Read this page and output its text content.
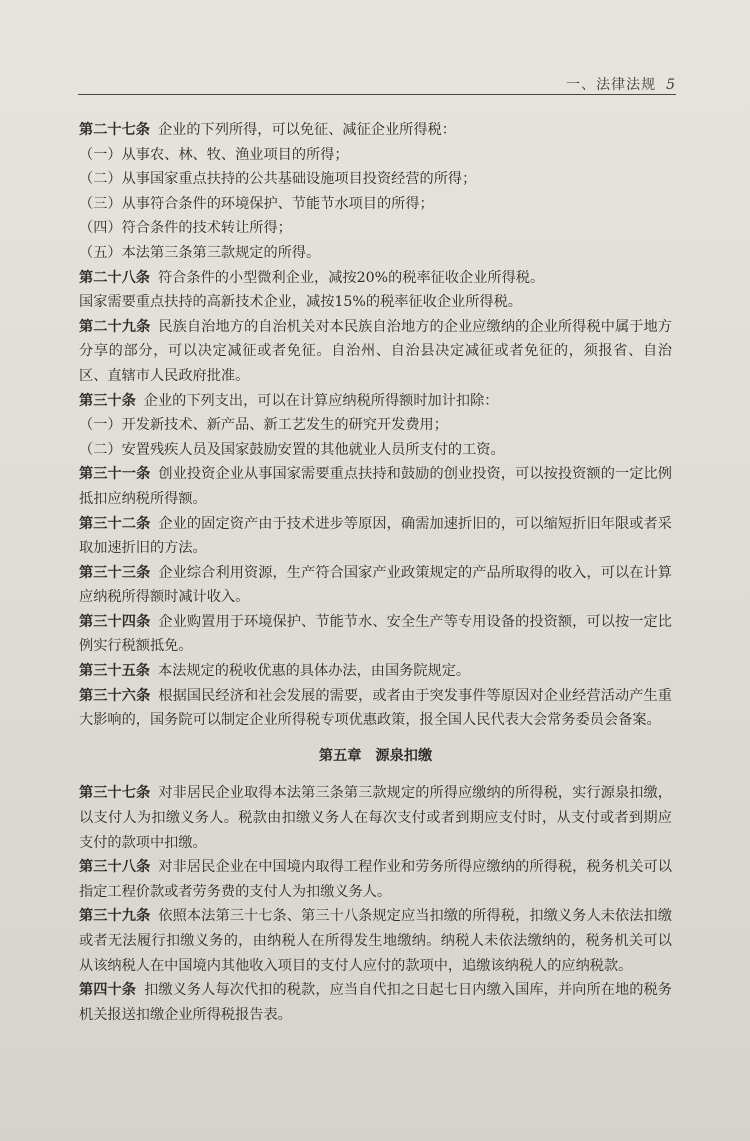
一、法律法规 5

第二十七条 企业的下列所得，可以免征、减征企业所得税：

（一）从事农、林、牧、渔业项目的所得；

（二）从事国家重点扶持的公共基础设施项目投资经营的所得；

（三）从事符合条件的环境保护、节能节水项目的所得；

（四）符合条件的技术转让所得；

（五）本法第三条第三款规定的所得。

第二十八条 符合条件的小型微利企业，减按20%的税率征收企业所得税。

国家需要重点扶持的高新技术企业，减按15%的税率征收企业所得税。

第二十九条 民族自治地方的自治机关对本民族自治地方的企业应缴纳的企业所得税中属于地方分享的部分，可以决定减征或者免征。自治州、自治县决定减征或者免征的，须报省、自治区、直辖市人民政府批准。

第三十条 企业的下列支出，可以在计算应纳税所得额时加计扣除：

（一）开发新技术、新产品、新工艺发生的研究开发费用；

（二）安置残疾人员及国家鼓励安置的其他就业人员所支付的工资。

第三十一条 创业投资企业从事国家需要重点扶持和鼓励的创业投资，可以按投资额的一定比例抵扣应纳税所得额。

第三十二条 企业的固定资产由于技术进步等原因，确需加速折旧的，可以缩短折旧年限或者采取加速折旧的方法。

第三十三条 企业综合利用资源，生产符合国家产业政策规定的产品所取得的收入，可以在计算应纳税所得额时减计收入。

第三十四条 企业购置用于环境保护、节能节水、安全生产等专用设备的投资额，可以按一定比例实行税额抵免。

第三十五条 本法规定的税收优惠的具体办法，由国务院规定。

第三十六条 根据国民经济和社会发展的需要，或者由于突发事件等原因对企业经营活动产生重大影响的，国务院可以制定企业所得税专项优惠政策，报全国人民代表大会常务委员会备案。

第五章 源泉扣缴

第三十七条 对非居民企业取得本法第三条第三款规定的所得应缴纳的所得税，实行源泉扣缴，以支付人为扣缴义务人。税款由扣缴义务人在每次支付或者到期应支付时，从支付或者到期应支付的款项中扣缴。

第三十八条 对非居民企业在中国境内取得工程作业和劳务所得应缴纳的所得税，税务机关可以指定工程价款或者劳务费的支付人为扣缴义务人。

第三十九条 依照本法第三十七条、第三十八条规定应当扣缴的所得税，扣缴义务人未依法扣缴或者无法履行扣缴义务的，由纳税人在所得发生地缴纳。纳税人未依法缴纳的，税务机关可以从该纳税人在中国境内其他收入项目的支付人应付的款项中，追缴该纳税人的应纳税款。

第四十条 扣缴义务人每次代扣的税款，应当自代扣之日起七日内缴入国库，并向所在地的税务机关报送扣缴企业所得税报告表。
